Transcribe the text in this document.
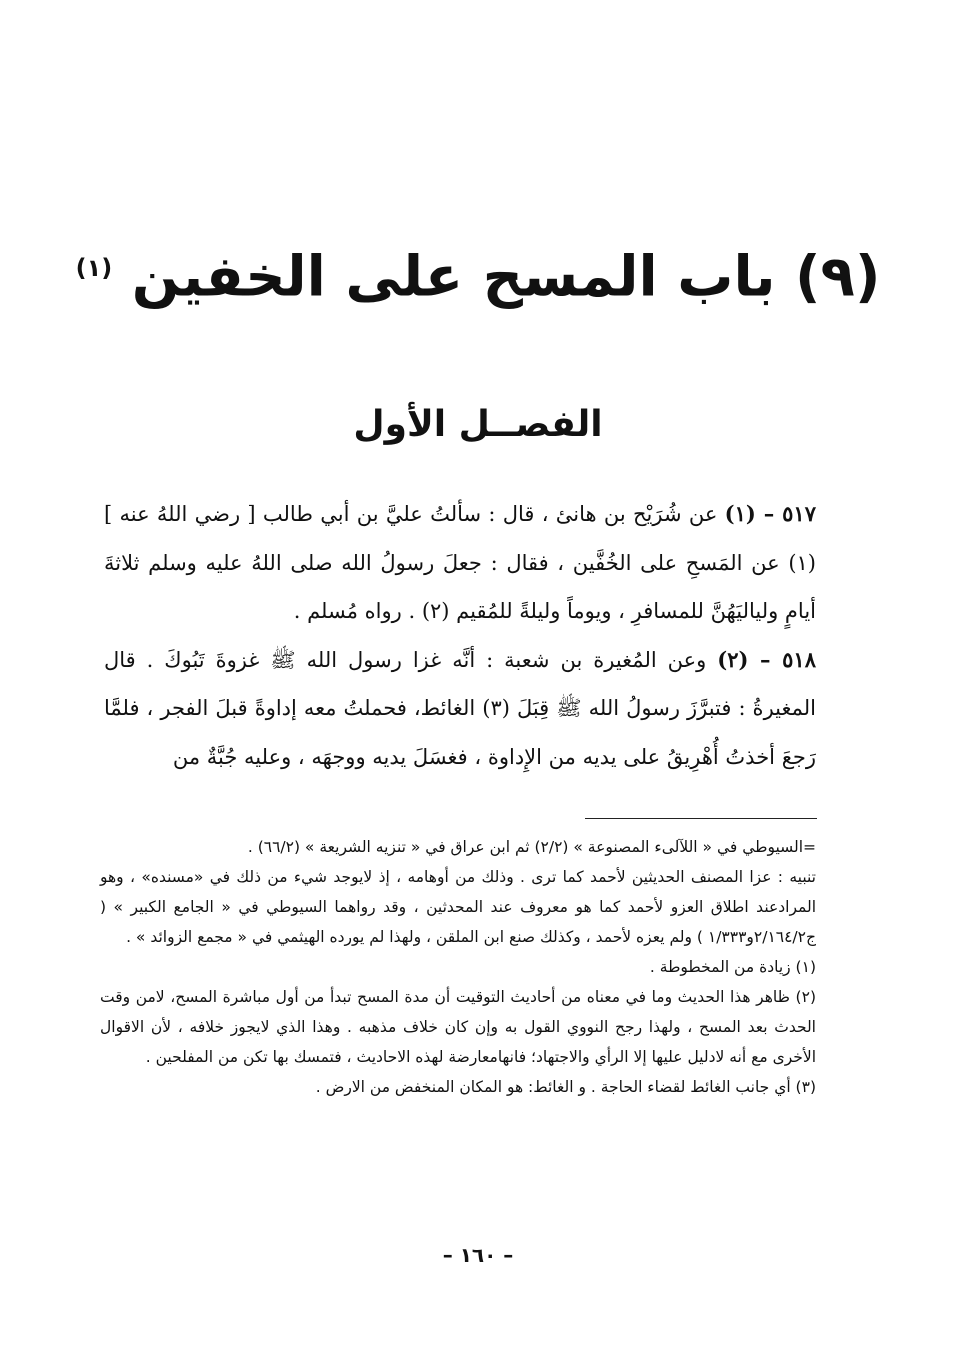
(٩) باب المسح على الخفين $^{(١)}$
الفصــل الأول

٥١٧ – (١) عن شُرَيْح بن هانئ ، قال : سألتُ عليَّ بن أبي طالب [ رضي اللهُ عنه ] (١) عن المَسحِ على الخُفَّين ، فقال : جعلَ رسولُ الله صلى اللهُ عليه وسلم ثلاثةَ أيامٍ ولياليَهُنَّ للمسافرِ ، ويوماً وليلةً للمُقيم (٢) . رواه مُسلم .

٥١٨ – (٢) وعن المُغيرة بن شعبة : أنَّه غزا رسول الله ﷺ غزوةَ تَبُوكَ . قال المغيرةُ : فتبرَّزَ رسولُ الله ﷺ قِبَلَ (٣) الغائط، فحملتُ معه إداوةً قبلَ الفجر ، فلمَّا رَجعَ أخذتُ أُهْرِيقُ على يديه من الإِداوة ، فغسَلَ يديه ووجهَه ، وعليه جُبَّةٌ من

=السيوطي في « اللآلىء المصنوعة » (٢/٢) ثم ابن عراق في « تنزيه الشريعة » (٦٦/٢) .

تنبيه : عزا المصنف الحديثين لأحمد كما ترى . وذلك من أوهامه ، إذ لايوجد شيء من ذلك في «مسنده» ، وهو المرادعند اطلاق العزو لأحمد كما هو معروف عند المحدثين ، وقد رواهما السيوطي في « الجامع الكبير » ( ج٢/١٦٤/٢و١/٣٣٣ ) ولم يعزه لأحمد ، وكذلك صنع ابن الملقن ، ولهذا لم يورده الهيثمي في « مجمع الزوائد » .

(١) زيادة من المخطوطة .

(٢) ظاهر هذا الحديث وما في معناه من أحاديث التوقيت أن مدة المسح تبدأ من أول مباشرة المسح، لامن وقت الحدث بعد المسح ، ولهذا رجح النووي القول به وإن كان خلاف مذهبه . وهذا الذي لايجوز خلافه ، لأن الاقوال الأخرى مع أنه لادليل عليها إلا الرأي والاجتهاد؛ فانهامعارضة لهذه الاحاديث ، فتمسك بها تكن من المفلحين .

(٣) أي جانب الغائط لقضاء الحاجة . و الغائط: هو المكان المنخفض من الارض .

– ١٦٠ –
